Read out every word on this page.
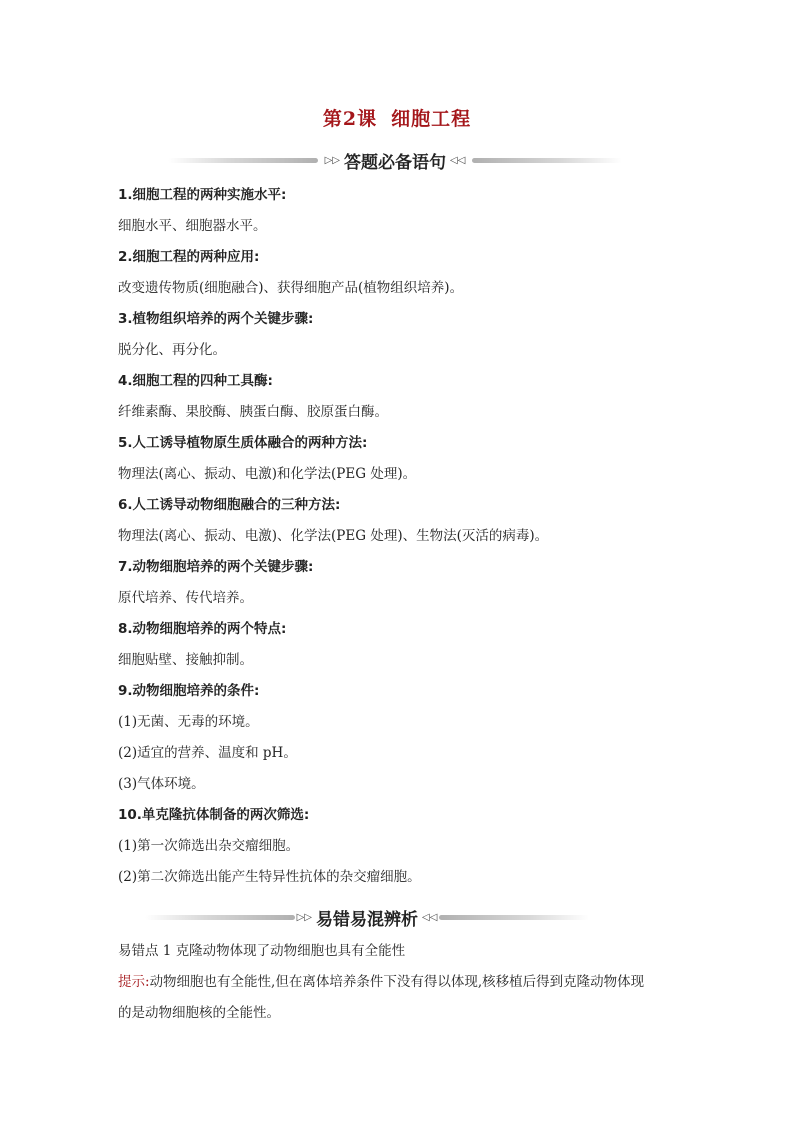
第2课 细胞工程
▷▷ 答题必备语句 ◁◁
1.细胞工程的两种实施水平:
细胞水平、细胞器水平。
2.细胞工程的两种应用:
改变遗传物质(细胞融合)、获得细胞产品(植物组织培养)。
3.植物组织培养的两个关键步骤:
脱分化、再分化。
4.细胞工程的四种工具酶:
纤维素酶、果胶酶、胰蛋白酶、胶原蛋白酶。
5.人工诱导植物原生质体融合的两种方法:
物理法(离心、振动、电激)和化学法(PEG 处理)。
6.人工诱导动物细胞融合的三种方法:
物理法(离心、振动、电激)、化学法(PEG 处理)、生物法(灭活的病毒)。
7.动物细胞培养的两个关键步骤:
原代培养、传代培养。
8.动物细胞培养的两个特点:
细胞贴壁、接触抑制。
9.动物细胞培养的条件:
(1)无菌、无毒的环境。
(2)适宜的营养、温度和 pH。
(3)气体环境。
10.单克隆抗体制备的两次筛选:
(1)第一次筛选出杂交瘤细胞。
(2)第二次筛选出能产生特异性抗体的杂交瘤细胞。
▷▷ 易错易混辨析 ◁◁
易错点 1 克隆动物体现了动物细胞也具有全能性
提示:动物细胞也有全能性,但在离体培养条件下没有得以体现,核移植后得到克隆动物体现
的是动物细胞核的全能性。
